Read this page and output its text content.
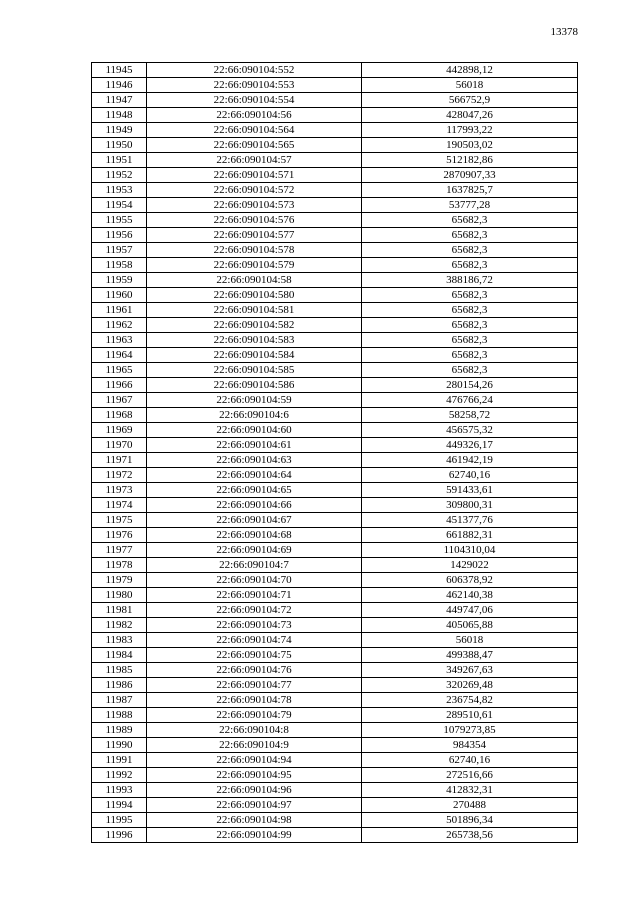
13378
11945	22:66:090104:552	442898,12
11946	22:66:090104:553	56018
11947	22:66:090104:554	566752,9
11948	22:66:090104:56	428047,26
11949	22:66:090104:564	117993,22
11950	22:66:090104:565	190503,02
11951	22:66:090104:57	512182,86
11952	22:66:090104:571	2870907,33
11953	22:66:090104:572	1637825,7
11954	22:66:090104:573	53777,28
11955	22:66:090104:576	65682,3
11956	22:66:090104:577	65682,3
11957	22:66:090104:578	65682,3
11958	22:66:090104:579	65682,3
11959	22:66:090104:58	388186,72
11960	22:66:090104:580	65682,3
11961	22:66:090104:581	65682,3
11962	22:66:090104:582	65682,3
11963	22:66:090104:583	65682,3
11964	22:66:090104:584	65682,3
11965	22:66:090104:585	65682,3
11966	22:66:090104:586	280154,26
11967	22:66:090104:59	476766,24
11968	22:66:090104:6	58258,72
11969	22:66:090104:60	456575,32
11970	22:66:090104:61	449326,17
11971	22:66:090104:63	461942,19
11972	22:66:090104:64	62740,16
11973	22:66:090104:65	591433,61
11974	22:66:090104:66	309800,31
11975	22:66:090104:67	451377,76
11976	22:66:090104:68	661882,31
11977	22:66:090104:69	1104310,04
11978	22:66:090104:7	1429022
11979	22:66:090104:70	606378,92
11980	22:66:090104:71	462140,38
11981	22:66:090104:72	449747,06
11982	22:66:090104:73	405065,88
11983	22:66:090104:74	56018
11984	22:66:090104:75	499388,47
11985	22:66:090104:76	349267,63
11986	22:66:090104:77	320269,48
11987	22:66:090104:78	236754,82
11988	22:66:090104:79	289510,61
11989	22:66:090104:8	1079273,85
11990	22:66:090104:9	984354
11991	22:66:090104:94	62740,16
11992	22:66:090104:95	272516,66
11993	22:66:090104:96	412832,31
11994	22:66:090104:97	270488
11995	22:66:090104:98	501896,34
11996	22:66:090104:99	265738,56
